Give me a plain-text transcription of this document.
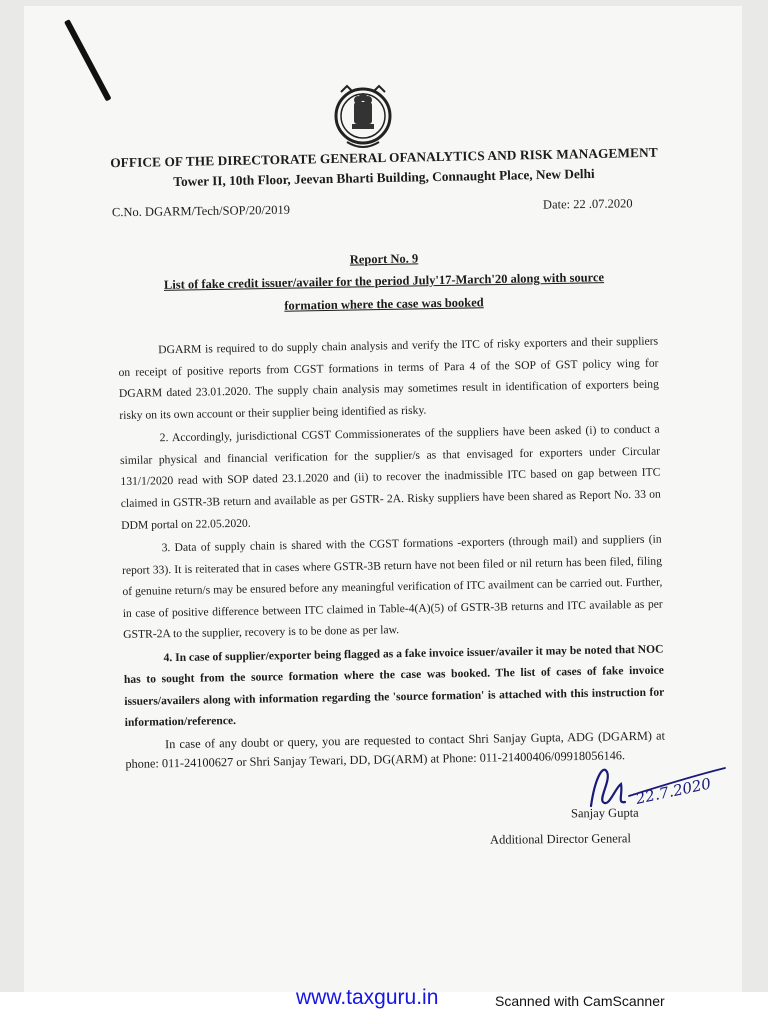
OFFICE OF THE DIRECTORATE GENERAL OFANALYTICS AND RISK MANAGEMENT
Tower II, 10th Floor, Jeevan Bharti Building, Connaught Place, New Delhi
C.No. DGARM/Tech/SOP/20/2019	Date: 22 .07.2020
Report No. 9
List of fake credit issuer/availer for the period July'17-March'20 along with source
formation where the case was booked

DGARM is required to do supply chain analysis and verify the ITC of risky exporters and their suppliers on receipt of positive reports from CGST formations in terms of Para 4 of the SOP of GST policy wing for DGARM dated 23.01.2020. The supply chain analysis may sometimes result in identification of exporters being risky on its own account or their supplier being identified as risky.

2. Accordingly, jurisdictional CGST Commissionerates of the suppliers have been asked (i) to conduct a similar physical and financial verification for the supplier/s as that envisaged for exporters under Circular 131/1/2020 read with SOP dated 23.1.2020 and (ii) to recover the inadmissible ITC based on gap between ITC claimed in GSTR-3B return and available as per GSTR- 2A. Risky suppliers have been shared as Report No. 33 on DDM portal on 22.05.2020.

3. Data of supply chain is shared with the CGST formations -exporters (through mail) and suppliers (in report 33). It is reiterated that in cases where GSTR-3B return have not been filed or nil return has been filed, filing of genuine return/s may be ensured before any meaningful verification of ITC availment can be carried out. Further, in case of positive difference between ITC claimed in Table-4(A)(5) of GSTR-3B returns and ITC available as per GSTR-2A to the supplier, recovery is to be done as per law.

4. In case of supplier/exporter being flagged as a fake invoice issuer/availer it may be noted that NOC has to sought from the source formation where the case was booked. The list of cases of fake invoice issuers/availers along with information regarding the 'source formation' is attached with this instruction for information/reference.

In case of any doubt or query, you are requested to contact Shri Sanjay Gupta, ADG (DGARM) at phone: 011-24100627 or Shri Sanjay Tewari, DD, DG(ARM) at Phone: 011-21400406/09918056146.

22.7.2020
Sanjay Gupta
Additional Director General
www.taxguru.in	Scanned with CamScanner
